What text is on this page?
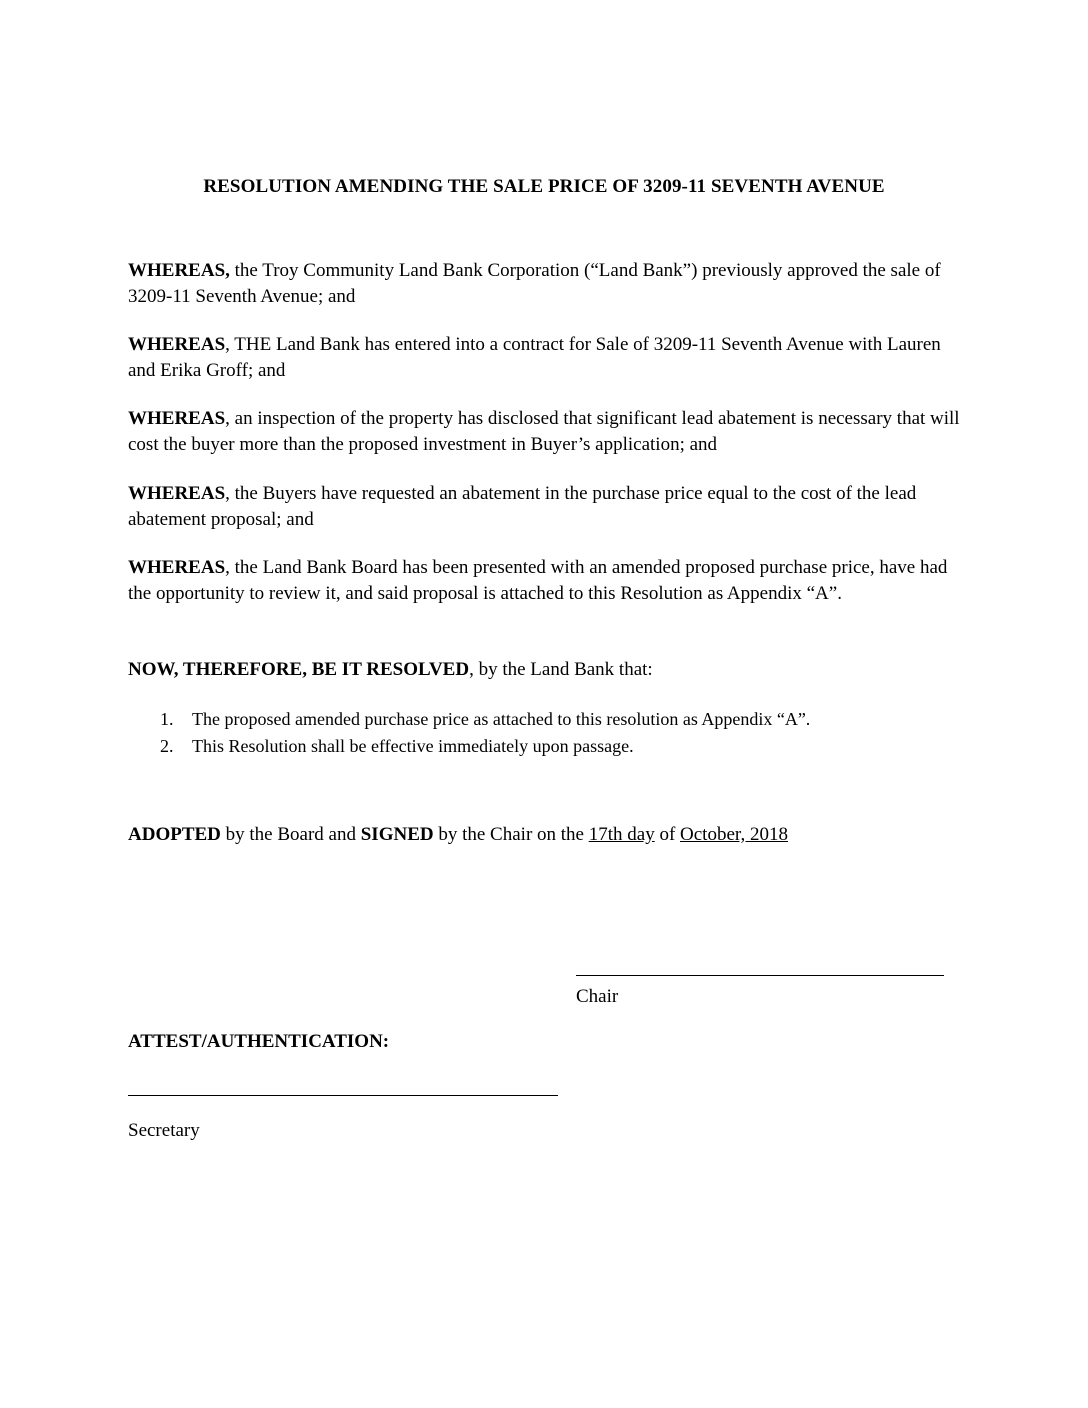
RESOLUTION AMENDING THE SALE PRICE OF 3209-11 SEVENTH AVENUE

WHEREAS, the Troy Community Land Bank Corporation (“Land Bank”) previously approved the sale of 3209-11 Seventh Avenue; and

WHEREAS, THE Land Bank has entered into a contract for Sale of 3209-11 Seventh Avenue with Lauren and Erika Groff; and

WHEREAS, an inspection of the property has disclosed that significant lead abatement is necessary that will cost the buyer more than the proposed investment in Buyer’s application; and

WHEREAS, the Buyers have requested an abatement in the purchase price equal to the cost of the lead abatement proposal; and

WHEREAS, the Land Bank Board has been presented with an amended proposed purchase price, have had the opportunity to review it, and said proposal is attached to this Resolution as Appendix “A”.

NOW, THEREFORE, BE IT RESOLVED, by the Land Bank that:

1. The proposed amended purchase price as attached to this resolution as Appendix “A”.
2. This Resolution shall be effective immediately upon passage.

ADOPTED by the Board and SIGNED by the Chair on the 17th day of October, 2018

Chair
ATTEST/AUTHENTICATION:
Secretary
